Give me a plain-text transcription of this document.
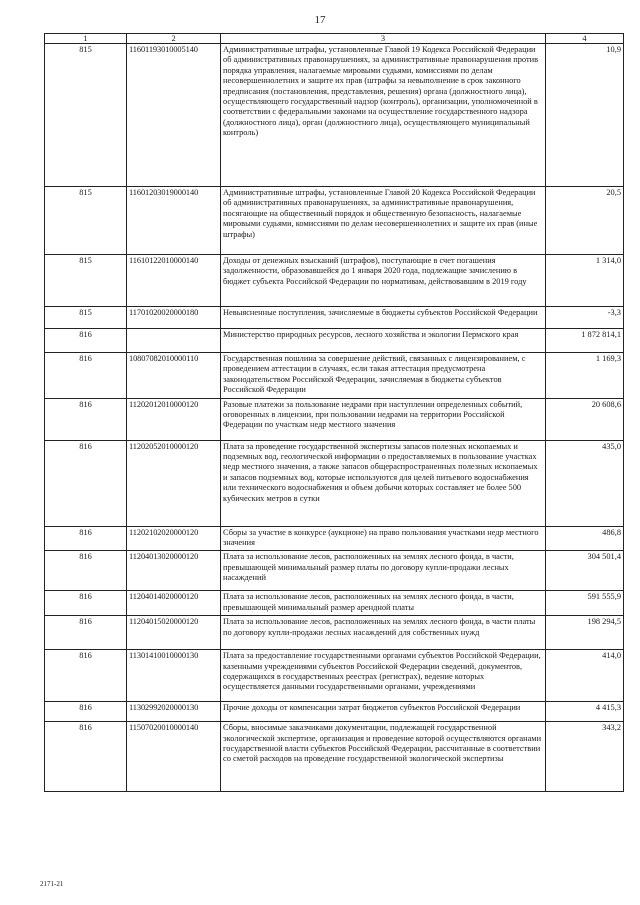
17
1	2	3	4
815	11601193010005140	Административные штрафы, установленные Главой 19 Кодекса Российской Федерации об административных правонарушениях, за административные правонарушения против порядка управления, налагаемые мировыми судьями, комиссиями по делам несовершеннолетних и защите их прав (штрафы за невыполнение в срок законного предписания (постановления, представления, решения) органа (должностного лица), осуществляющего государственный надзор (контроль), организации, уполномоченной в соответствии с федеральными законами на осуществление государственного надзора (должностного лица), орган (должностного лица), осуществляющего муниципальный контроль)	10,9
815	11601203019000140	Административные штрафы, установленные Главой 20 Кодекса Российской Федерации об административных правонарушениях, за административные правонарушения, посягающие на общественный порядок и общественную безопасность, налагаемые мировыми судьями, комиссиями по делам несовершеннолетних и защите их прав (иные штрафы)	20,5
815	11610122010000140	Доходы от денежных взысканий (штрафов), поступающие в счет погашения задолженности, образовавшейся до 1 января 2020 года, подлежащие зачислению в бюджет субъекта Российской Федерации по нормативам, действовавшим в 2019 году	1 314,0
815	11701020020000180	Невыясненные поступления, зачисляемые в бюджеты субъектов Российской Федерации	-3,3
816		Министерство природных ресурсов, лесного хозяйства и экологии Пермского края	1 872 814,1
816	10807082010000110	Государственная пошлина за совершение действий, связанных с лицензированием, с проведением аттестации в случаях, если такая аттестация предусмотрена законодательством Российской Федерации, зачисляемая в бюджеты субъектов Российской Федерации	1 169,3
816	11202012010000120	Разовые платежи за пользование недрами при наступлении определенных событий, оговоренных в лицензии, при пользовании недрами на территории Российской Федерации по участкам недр местного значения	20 608,6
816	11202052010000120	Плата за проведение государственной экспертизы запасов полезных ископаемых и подземных вод, геологической информации о предоставляемых в пользование участках недр местного значения, а также запасов общераспространенных полезных ископаемых и запасов подземных вод, которые используются для целей питьевого водоснабжения или технического водоснабжения и объем добычи которых составляет не более 500 кубических метров в сутки	435,0
816	11202102020000120	Сборы за участие в конкурсе (аукционе) на право пользования участками недр местного значения	486,8
816	11204013020000120	Плата за использование лесов, расположенных на землях лесного фонда, в части, превышающей минимальный размер платы по договору купли-продажи лесных насаждений	304 501,4
816	11204014020000120	Плата за использование лесов, расположенных на землях лесного фонда, в части, превышающей минимальный размер арендной платы	591 555,9
816	11204015020000120	Плата за использование лесов, расположенных на землях лесного фонда, в части платы по договору купли-продажи лесных насаждений для собственных нужд	198 294,5
816	11301410010000130	Плата за предоставление государственными органами субъектов Российской Федерации, казенными учреждениями субъектов Российской Федерации сведений, документов, содержащихся в государственных реестрах (регистрах), ведение которых осуществляется данными государственными органами, учреждениями	414,0
816	11302992020000130	Прочие доходы от компенсации затрат бюджетов субъектов Российской Федерации	4 415,3
816	11507020010000140	Сборы, вносимые заказчиками документации, подлежащей государственной экологической экспертизе, организация и проведение которой осуществляются органами государственной власти субъектов Российской Федерации, рассчитанные в соответствии со сметой расходов на проведение государственной экологической экспертизы	343,2
2171-21
